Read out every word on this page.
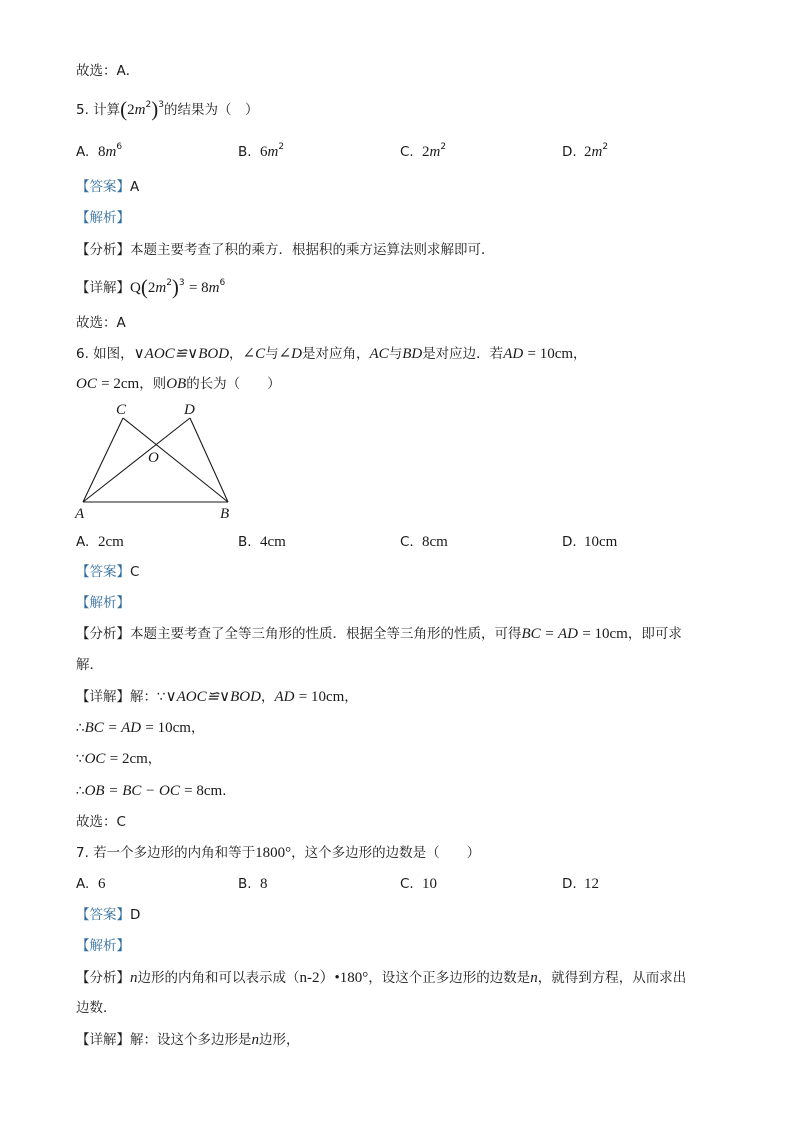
故选：A．
5. 计算$(2m^2)^3$的结果为（　）
A. $8m^6$	B. $6m^2$	C. $2m^2$	D. $2m^2$
【答案】A
【解析】
【分析】本题主要考查了积的乘方．根据积的乘方运算法则求解即可．
【详解】$Q(2m^2)^3 = 8m^6$
故选：A
6. 如图，∨AOC≌∨BOD，∠C与∠D是对应角，AC与BD是对应边．若AD = 10cm，
OC = 2cm，则OB的长为（　　）
C	D
O
A	B
A. 2cm	B. 4cm	C. 8cm	D. 10cm
【答案】C
【解析】
【分析】本题主要考查了全等三角形的性质．根据全等三角形的性质，可得BC = AD = 10cm，即可求
解．
【详解】解：∵∨AOC≌∨BOD，AD = 10cm，
∴BC = AD = 10cm，
∵OC = 2cm，
∴OB = BC − OC = 8cm．
故选：C
7. 若一个多边形的内角和等于1800°，这个多边形的边数是（　　）
A. 6	B. 8	C. 10	D. 12
【答案】D
【解析】
【分析】n边形的内角和可以表示成（n-2）•180°，设这个正多边形的边数是n，就得到方程，从而求出
边数．
【详解】解：设这个多边形是n边形，
